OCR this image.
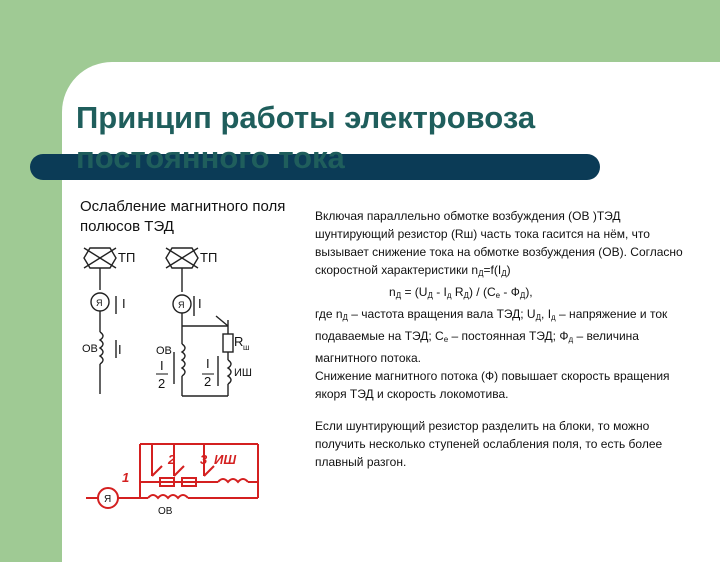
Принцип работы электровоза постоянного тока
Ослабление магнитного поля полюсов ТЭД

Включая параллельно обмотке возбуждения (ОВ )ТЭД шунтирующий резистор (Rш) часть тока гасится на нём, что вызывает снижение тока на обмотке возбуждения (ОВ). Согласно скоростной характеристики $n_Д=f(I_Д)$

$n_Д = (U_Д - I_д$ $R_Д) / (C_е - Ф_Д)$,

где $n_Д$ – частота вращения вала ТЭД; $U_Д$, $I_д$ – напряжение и ток подаваемые на ТЭД; $C_е$ – постоянная ТЭД; $Ф_д$ – величина магнитного потока.

Снижение магнитного потока (Ф) повышает скорость вращения якоря ТЭД и скорость локомотива.

Если шунтирующий резистор разделить на блоки, то можно получить несколько ступеней ослабления поля, то есть более плавный разгон.

ТП
Я I
ОВ I
ТП
Я I
ОВ
I
2
R ш
I
2
ИШ
1
2 3 ИШ
Я
ОВ
